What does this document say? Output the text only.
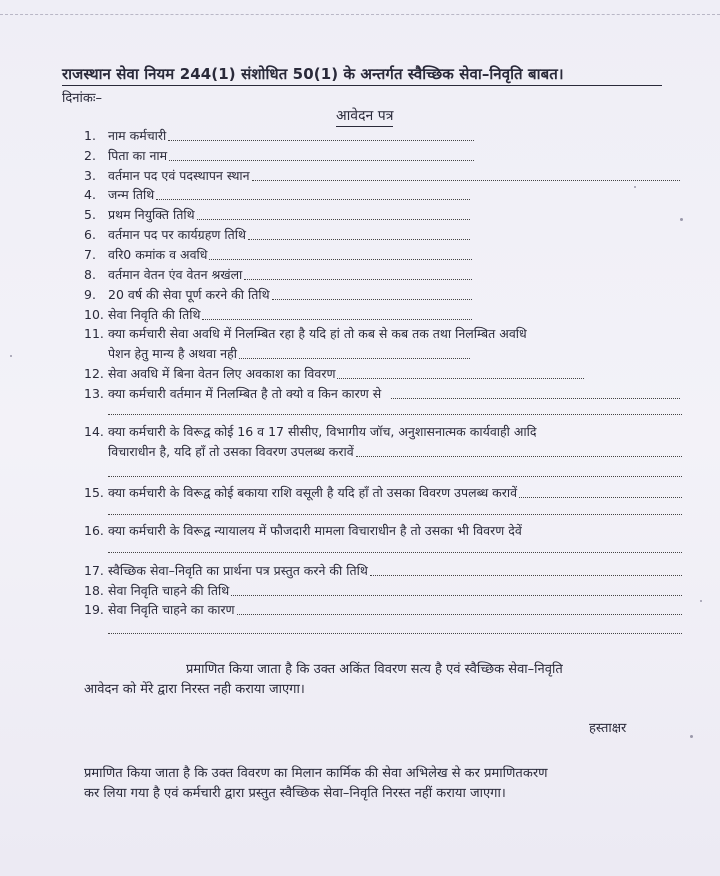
राजस्थान सेवा नियम 244(1) संशोधित 50(1) के अन्तर्गत स्वैच्छिक सेवा–निवृति बाबत।
दिनांकः–
आवेदन पत्र
1. नाम कर्मचारी
2. पिता का नाम
3. वर्तमान पद एवं पदस्थापन स्थान
4. जन्म तिथि
5. प्रथम नियुक्ति तिथि
6. वर्तमान पद पर कार्यग्रहण तिथि
7. वरि0 कमांक व अवधि
8. वर्तमान वेतन एंव वेतन श्रखंला
9. 20 वर्ष की सेवा पूर्ण करने की तिथि
10. सेवा निवृति की तिथि
11. क्या कर्मचारी सेवा अवधि में निलम्बित रहा है यदि हां तो कब से कब तक तथा निलम्बित अवधि
पेशन हेतु मान्य है अथवा नही
12. सेवा अवधि में बिना वेतन लिए अवकाश का विवरण
13. क्या कर्मचारी वर्तमान में निलम्बित है तो क्यो व किन कारण से
14. क्या कर्मचारी के विरूद्व कोई 16 व 17 सीसीए, विभागीय जॉच, अनुशासनात्मक कार्यवाही आदि
विचाराधीन है, यदि हॉं तो उसका विवरण उपलब्ध करावें
15. क्या कर्मचारी के विरूद्व कोई बकाया राशि वसूली है यदि हॉं तो उसका विवरण उपलब्ध करावें
16. क्या कर्मचारी के विरूद्व न्यायालय में फौजदारी मामला विचाराधीन है तो उसका भी विवरण देवें
17. स्वैच्छिक सेवा–निवृति का प्रार्थना पत्र प्रस्तुत करने की तिथि
18. सेवा निवृति चाहने की तिथि
19. सेवा निवृति चाहने का कारण
प्रमाणित किया जाता है कि उक्त अकिंत विवरण सत्य है एवं स्वैच्छिक सेवा–निवृति
आवेदन को मेंरे द्वारा निरस्त नही कराया जाएगा।
हस्ताक्षर
प्रमाणित किया जाता है कि उक्त विवरण का मिलान कार्मिक की सेवा अभिलेख से कर प्रमाणितकरण
कर लिया गया है एवं कर्मचारी द्वारा प्रस्तुत स्वैच्छिक सेवा–निवृति निरस्त नहीं कराया जाएगा।
